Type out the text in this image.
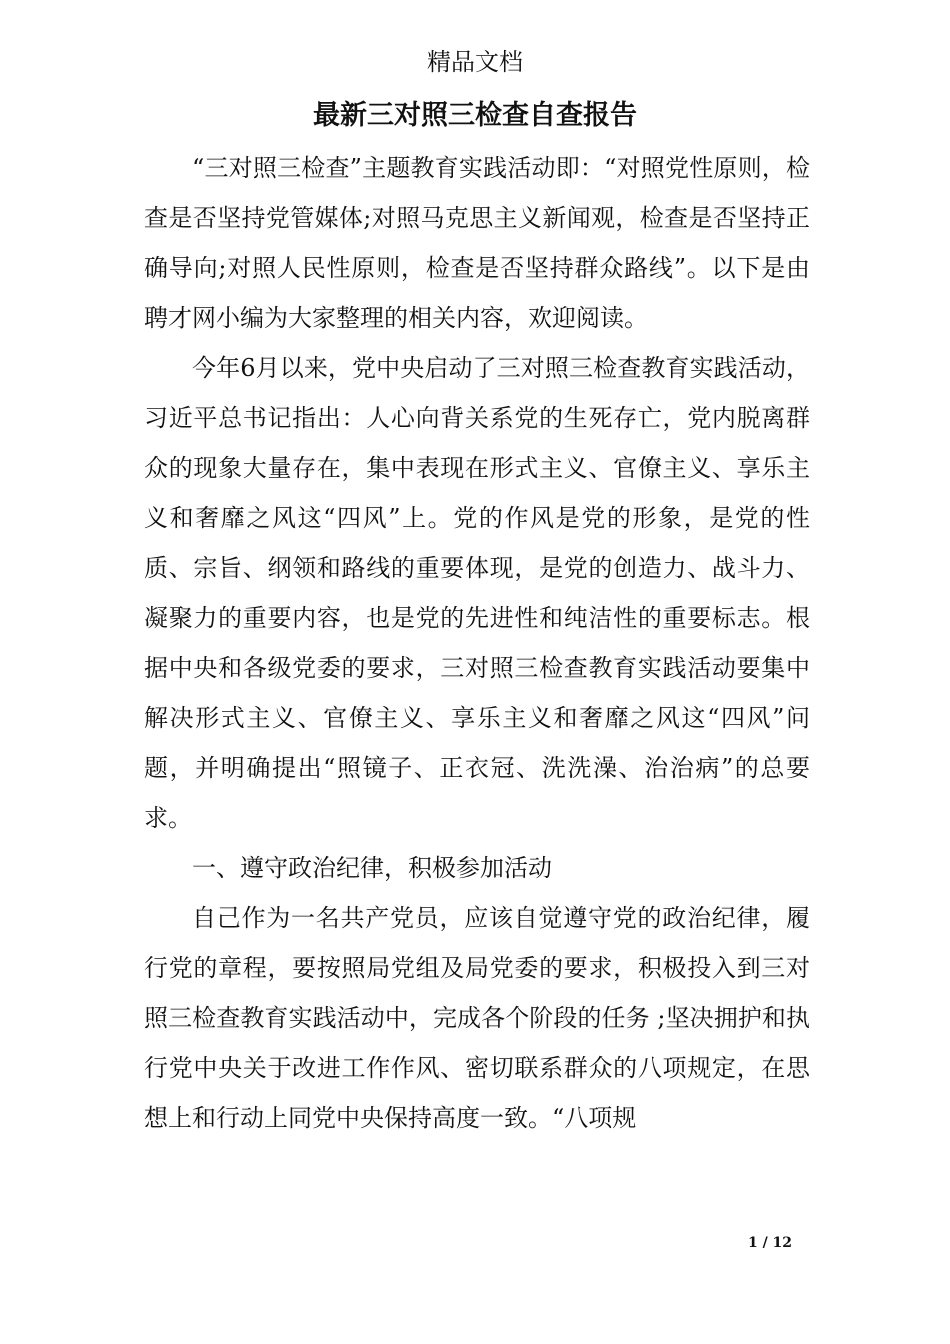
精品文档
最新三对照三检查自查报告

“三对照三检查”主题教育实践活动即：“对照党性原则，检查是否坚持党管媒体;对照马克思主义新闻观，检查是否坚持正确导向;对照人民性原则，检查是否坚持群众路线”。以下是由聘才网小编为大家整理的相关内容，欢迎阅读。

今年6月以来，党中央启动了三对照三检查教育实践活动，习近平总书记指出：人心向背关系党的生死存亡，党内脱离群众的现象大量存在，集中表现在形式主义、官僚主义、享乐主义和奢靡之风这“四风”上。党的作风是党的形象，是党的性质、宗旨、纲领和路线的重要体现，是党的创造力、战斗力、凝聚力的重要内容，也是党的先进性和纯洁性的重要标志。根据中央和各级党委的要求，三对照三检查教育实践活动要集中解决形式主义、官僚主义、享乐主义和奢靡之风这“四风”问题，并明确提出“照镜子、正衣冠、洗洗澡、治治病”的总要求。

一、遵守政治纪律，积极参加活动

自己作为一名共产党员，应该自觉遵守党的政治纪律，履行党的章程，要按照局党组及局党委的要求，积极投入到三对照三检查教育实践活动中，完成各个阶段的任务 ;坚决拥护和执行党中央关于改进工作作风、密切联系群众的八项规定，在思想上和行动上同党中央保持高度一致。“八项规

1 / 12
